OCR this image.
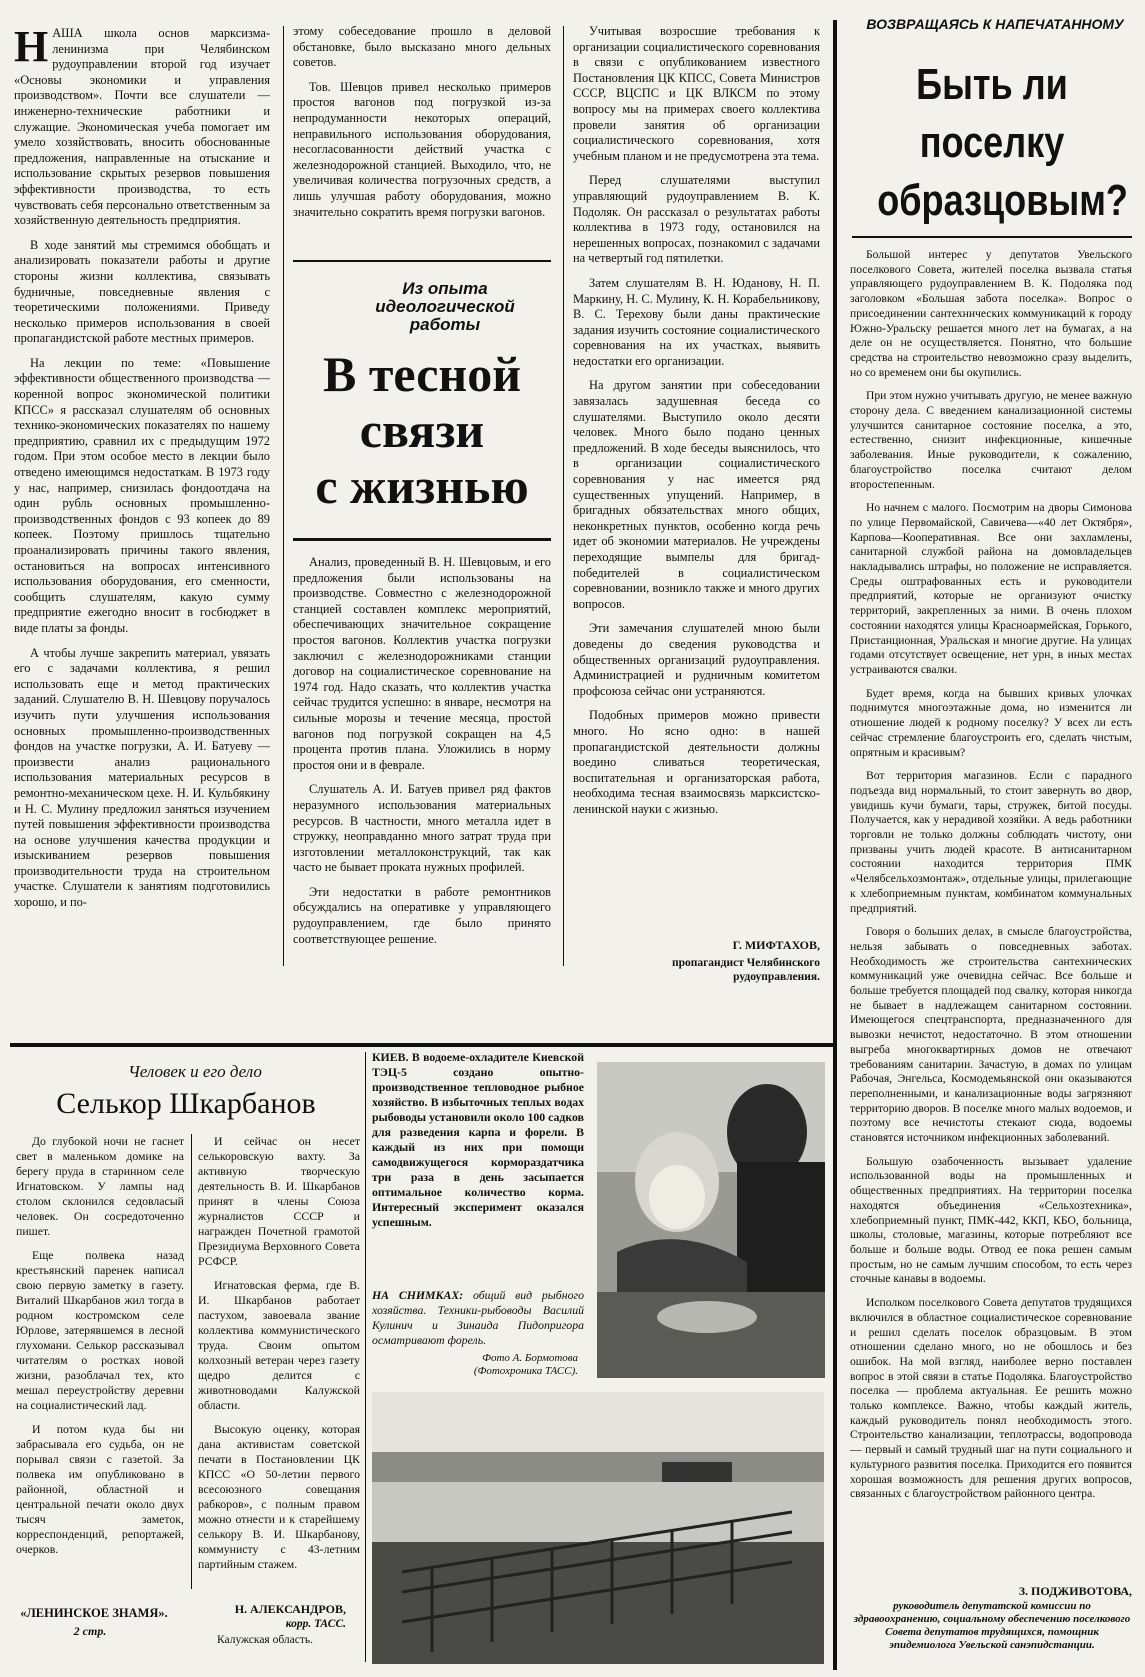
НАША школа основ марксизма-ленинизма при Челябинском рудоуправлении второй год изучает «Основы экономики и управления производством». Почти все слушатели — инженерно-технические работники и служащие. Экономическая учеба помогает им умело хозяйствовать, вносить обоснованные предложения, направленные на отыскание и использование скрытых резервов повышения эффективности производства, то есть чувствовать себя персонально ответственным за хозяйственную деятельность предприятия.

В ходе занятий мы стремимся обобщать и анализировать показатели работы и другие стороны жизни коллектива, связывать будничные, повседневные явления с теоретическими положениями. Приведу несколько примеров использования в своей пропагандистской работе местных примеров.

На лекции по теме: «Повышение эффективности общественного производства — коренной вопрос экономической политики КПСС» я рассказал слушателям об основных технико-экономических показателях по нашему предприятию, сравнил их с предыдущим 1972 годом. При этом особое место в лекции было отведено имеющимся недостаткам. В 1973 году у нас, например, снизилась фондоотдача на один рубль основных промышленно-производственных фондов с 93 копеек до 89 копеек. Поэтому пришлось тщательно проанализировать причины такого явления, остановиться на вопросах интенсивного использования оборудования, его сменности, сообщить слушателям, какую сумму предприятие ежегодно вносит в госбюджет в виде платы за фонды.

А чтобы лучше закрепить материал, увязать его с задачами коллектива, я решил использовать еще и метод практических заданий. Слушателю В. Н. Шевцову поручалось изучить пути улучшения использования основных промышленно-производственных фондов на участке погрузки, А. И. Батуеву — произвести анализ рационального использования материальных ресурсов в ремонтно-механическом цехе. Н. И. Кульбякину и Н. С. Мулину предложил заняться изучением путей повышения эффективности производства на основе улучшения качества продукции и изыскиванием резервов повышения производительности труда на строительном участке. Слушатели к занятиям подготовились хорошо, и по-

этому собеседование прошло в деловой обстановке, было высказано много дельных советов.

Тов. Шевцов привел несколько примеров простоя вагонов под погрузкой из-за непродуманности некоторых операций, неправильного использования оборудования, несогласованности действий участка с железнодорожной станцией. Выходило, что, не увеличивая количества погрузочных средств, а лишь улучшая работу оборудования, можно значительно сократить время погрузки вагонов.

Из опыта идеологической работы
В тесной
связи
с жизнью

Анализ, проведенный В. Н. Шевцовым, и его предложения были использованы на производстве. Совместно с железнодорожной станцией составлен комплекс мероприятий, обеспечивающих значительное сокращение простоя вагонов. Коллектив участка погрузки заключил с железнодорожниками станции договор на социалистическое соревнование на 1974 год. Надо сказать, что коллектив участка сейчас трудится успешно: в январе, несмотря на сильные морозы и течение месяца, простой вагонов под погрузкой сокращен на 4,5 процента против плана. Уложились в норму простоя они и в феврале.

Слушатель А. И. Батуев привел ряд фактов неразумного использования материальных ресурсов. В частности, много металла идет в стружку, неоправданно много затрат труда при изготовлении металлоконструкций, так как часто не бывает проката нужных профилей.

Эти недостатки в работе ремонтников обсуждались на оперативке у управляющего рудоуправлением, где было принято соответствующее решение.

Учитывая возросшие требования к организации социалистического соревнования в связи с опубликованием известного Постановления ЦК КПСС, Совета Министров СССР, ВЦСПС и ЦК ВЛКСМ по этому вопросу мы на примерах своего коллектива провели занятия об организации социалистического соревнования, хотя учебным планом и не предусмотрена эта тема.

Перед слушателями выступил управляющий рудоуправлением В. К. Подоляк. Он рассказал о результатах работы коллектива в 1973 году, остановился на нерешенных вопросах, познакомил с задачами на четвертый год пятилетки.

Затем слушателям В. Н. Юданову, Н. П. Маркину, Н. С. Мулину, К. Н. Корабельникову, В. С. Терехову были даны практические задания изучить состояние социалистического соревнования на их участках, выявить недостатки его организации.

На другом занятии при собеседовании завязалась задушевная беседа со слушателями. Выступило около десяти человек. Много было подано ценных предложений. В ходе беседы выяснилось, что в организации социалистического соревнования у нас имеется ряд существенных упущений. Например, в бригадных обязательствах много общих, неконкретных пунктов, особенно когда речь идет об экономии материалов. Не учреждены переходящие вымпелы для бригад-победителей в социалистическом соревновании, возникло также и много других вопросов.

Эти замечания слушателей мною были доведены до сведения руководства и общественных организаций рудоуправления. Администрацией и рудничным комитетом профсоюза сейчас они устраняются.

Подобных примеров можно привести много. Но ясно одно: в нашей пропагандистской деятельности должны воедино сливаться теоретическая, воспитательная и организаторская работа, необходима тесная взаимосвязь марксистско-ленинской науки с жизнью.

Г. МИФТАХОВ,
пропагандист Челябинского рудоуправления.
ВОЗВРАЩАЯСЬ К НАПЕЧАТАННОМУ
Быть ли
поселку
образцовым?

Большой интерес у депутатов Увельского поселкового Совета, жителей поселка вызвала статья управляющего рудоуправлением В. К. Подоляка под заголовком «Большая забота поселка». Вопрос о присоединении сантехнических коммуникаций к городу Южно-Уральску решается много лет на бумагах, а на деле он не осуществляется. Понятно, что большие средства на строительство невозможно сразу выделить, но со временем они бы окупились.

При этом нужно учитывать другую, не менее важную сторону дела. С введением канализационной системы улучшится санитарное состояние поселка, а это, естественно, снизит инфекционные, кишечные заболевания. Иные руководители, к сожалению, благоустройство поселка считают делом второстепенным.

Но начнем с малого. Посмотрим на дворы Симонова по улице Первомайской, Савичева—«40 лет Октября», Карпова—Кооперативная. Все они захламлены, санитарной службой района на домовладельцев накладывались штрафы, но положение не исправляется. Среды оштрафованных есть и руководители предприятий, которые не организуют очистку территорий, закрепленных за ними. В очень плохом состоянии находятся улицы Красноармейская, Горького, Пристанционная, Уральская и многие другие. На улицах годами отсутствует освещение, нет урн, в иных местах устраиваются свалки.

Будет время, когда на бывших кривых улочках поднимутся многоэтажные дома, но изменится ли отношение людей к родному поселку? У всех ли есть сейчас стремление благоустроить его, сделать чистым, опрятным и красивым?

Вот территория магазинов. Если с парадного подъезда вид нормальный, то стоит завернуть во двор, увидишь кучи бумаги, тары, стружек, битой посуды. Получается, как у нерадивой хозяйки. А ведь работники торговли не только должны соблюдать чистоту, они призваны учить людей красоте. В антисанитарном состоянии находится территория ПМК «Челябсельхозмонтаж», отдельные улицы, прилегающие к хлебоприемным пунктам, комбинатом коммунальных предприятий.

Говоря о больших делах, в смысле благоустройства, нельзя забывать о повседневных заботах. Необходимость же строительства сантехнических коммуникаций уже очевидна сейчас. Все больше и больше требуется площадей под свалку, которая никогда не бывает в надлежащем санитарном состоянии. Имеющегося спецтранспорта, предназначенного для вывозки нечистот, недостаточно. В этом отношении выгреба многоквартирных домов не отвечают требованиям санитарии. Зачастую, в домах по улицам Рабочая, Энгельса, Космодемьянской они оказываются переполненными, и канализационные воды загрязняют территорию дворов. В поселке много малых водоемов, и поэтому все нечистоты стекают сюда, водоемы становятся источником инфекционных заболеваний.

Большую озабоченность вызывает удаление использованной воды на промышленных и общественных предприятиях. На территории поселка находятся объединения «Сельхозтехника», хлебоприемный пункт, ПМК-442, ККП, КБО, больница, школы, столовые, магазины, которые потребляют все больше и больше воды. Отвод ее пока решен самым простым, но не самым лучшим способом, то есть через сточные канавы в водоемы.

Исполком поселкового Совета депутатов трудящихся включился в областное социалистическое соревнование и решил сделать поселок образцовым. В этом отношении сделано много, но не обошлось и без ошибок. На мой взгляд, наиболее верно поставлен вопрос в этой связи в статье Подоляка. Благоустройство поселка — проблема актуальная. Ее решить можно только комплексе. Важно, чтобы каждый житель, каждый руководитель понял необходимость этого. Строительство канализации, теплотрассы, водопровода — первый и самый трудный шаг на пути социального и культурного развития поселка. Приходится его появится хорошая возможность для решения других вопросов, связанных с благоустройством районного центра.

З. ПОДЖИВОТОВА,
руководитель депутатской комиссии по здравоохранению, социальному обеспечению поселкового Совета депутатов трудящихся, помощник эпидемиолога Увельской санэпидстанции.
Человек и его дело
Селькор Шкарбанов

До глубокой ночи не гаснет свет в маленьком домике на берегу пруда в старинном селе Игнатовском. У лампы над столом склонился седовласый человек. Он сосредоточенно пишет.

Еще полвека назад крестьянский паренек написал свою первую заметку в газету. Виталий Шкарбанов жил тогда в родном костромском селе Юрлове, затерявшемся в лесной глухомани. Селькор рассказывал читателям о ростках новой жизни, разоблачал тех, кто мешал переустройству деревни на социалистический лад.

И потом куда бы ни забрасывала его судьба, он не порывал связи с газетой. За полвека им опубликовано в районной, областной и центральной печати около двух тысяч заметок, корреспонденций, репортажей, очерков.

И сейчас он несет селькоровскую вахту. За активную творческую деятельность В. И. Шкарбанов принят в члены Союза журналистов СССР и награжден Почетной грамотой Президиума Верховного Совета РСФСР.

Игнатовская ферма, где В. И. Шкарбанов работает пастухом, завоевала звание коллектива коммунистического труда. Своим опытом колхозный ветеран через газету щедро делится с животноводами Калужской области.

Высокую оценку, которая дана активистам советской печати в Постановлении ЦК КПСС «О 50-летии первого всесоюзного совещания рабкоров», с полным правом можно отнести и к старейшему селькору В. И. Шкарбанову, коммунисту с 43-летним партийным стажем.

Н. АЛЕКСАНДРОВ,
корр. ТАСС.
Калужская область.
«ЛЕНИНСКОЕ ЗНАМЯ».
2 стр.

КИЕВ. В водоеме-охладителе Киевской ТЭЦ-5 создано опытно-производственное тепловодное рыбное хозяйство. В избыточных теплых водах рыбоводы установили около 100 садков для разведения карпа и форели. В каждый из них при помощи самодвижущегося кормораздатчика три раза в день засыпается оптимальное количество корма. Интересный эксперимент оказался успешным.

НА СНИМКАХ: общий вид рыбного хозяйства. Техники-рыбоводы Василий Кулинич и Зинаида Пидопригора осматривают форель.

Фото А. Бормотова
(Фотохроника ТАСС).
